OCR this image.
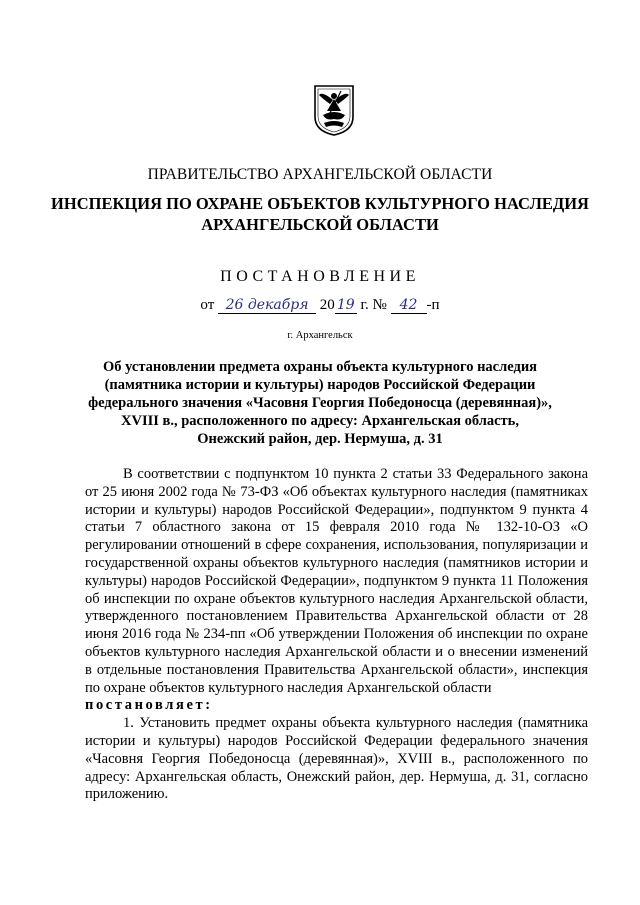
ПРАВИТЕЛЬСТВО АРХАНГЕЛЬСКОЙ ОБЛАСТИ
ИНСПЕКЦИЯ ПО ОХРАНЕ ОБЪЕКТОВ КУЛЬТУРНОГО НАСЛЕДИЯ
АРХАНГЕЛЬСКОЙ ОБЛАСТИ
ПОСТАНОВЛЕНИЕ
от 26 декабря 20 19 г. № 42 -п
г. Архангельск
Об установлении предмета охраны объекта культурного наследия
(памятника истории и культуры) народов Российской Федерации
федерального значения «Часовня Георгия Победоносца (деревянная)»,
XVIII в., расположенного по адресу: Архангельская область,
Онежский район, дер. Нермуша, д. 31

В соответствии с подпунктом 10 пункта 2 статьи 33 Федерального закона от 25 июня 2002 года № 73-ФЗ «Об объектах культурного наследия (памятниках истории и культуры) народов Российской Федерации», подпунктом 9 пункта 4 статьи 7 областного закона от 15 февраля 2010 года № 132-10-ОЗ «О регулировании отношений в сфере сохранения, использования, популяризации и государственной охраны объектов культурного наследия (памятников истории и культуры) народов Российской Федерации», подпунктом 9 пункта 11 Положения об инспекции по охране объектов культурного наследия Архангельской области, утвержденного постановлением Правительства Архангельской области от 28 июня 2016 года № 234-пп «Об утверждении Положения об инспекции по охране объектов культурного наследия Архангельской области и о внесении изменений в отдельные постановления Правительства Архангельской области», инспекция по охране объектов культурного наследия Архангельской области

постановляет:

1. Установить предмет охраны объекта культурного наследия (памятника истории и культуры) народов Российской Федерации федерального значения «Часовня Георгия Победоносца (деревянная)», XVIII в., расположенного по адресу: Архангельская область, Онежский район, дер. Нермуша, д. 31, согласно приложению.
